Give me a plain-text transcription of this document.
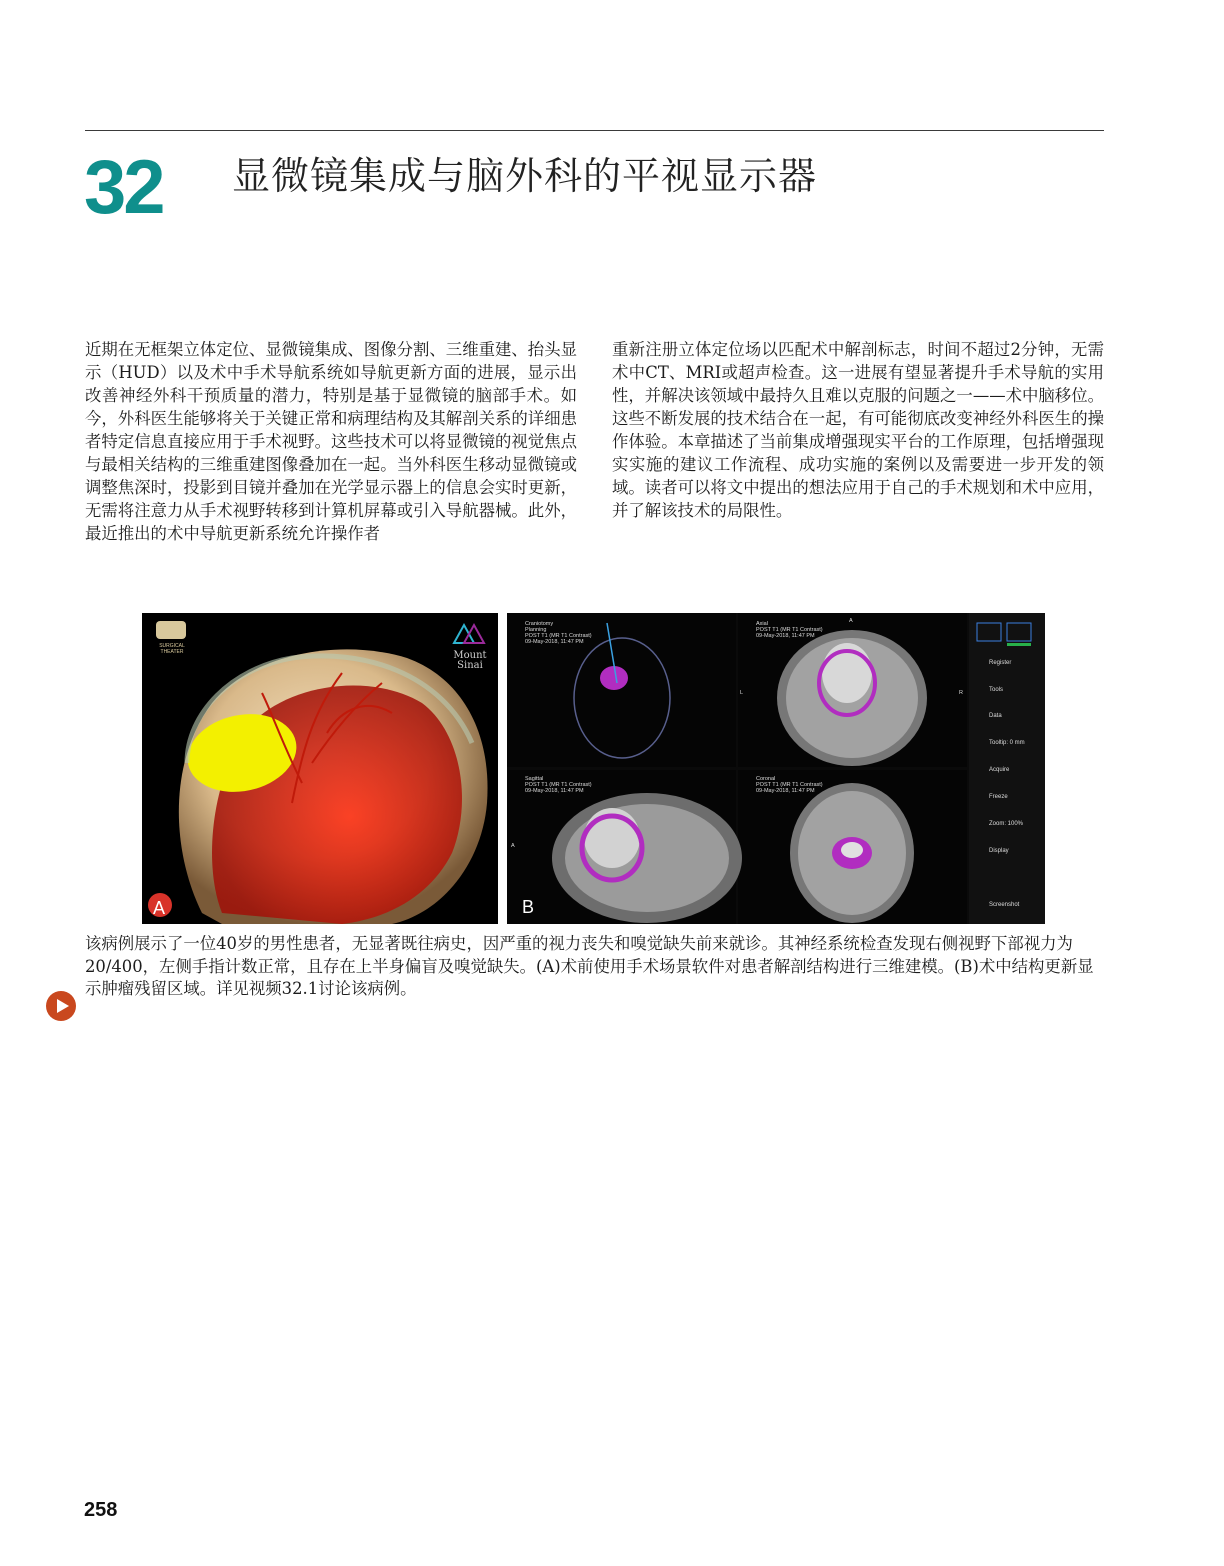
32 显微镜集成与脑外科的平视显示器
近期在无框架立体定位、显微镜集成、图像分割、三维重建、抬头显示（HUD）以及术中手术导航系统如导航更新方面的进展，显示出改善神经外科干预质量的潜力，特别是基于显微镜的脑部手术。如今，外科医生能够将关于关键正常和病理结构及其解剖关系的详细患者特定信息直接应用于手术视野。这些技术可以将显微镜的视觉焦点与最相关结构的三维重建图像叠加在一起。当外科医生移动显微镜或调整焦深时，投影到目镜并叠加在光学显示器上的信息会实时更新，无需将注意力从手术视野转移到计算机屏幕或引入导航器械。此外，最近推出的术中导航更新系统允许操作者
重新注册立体定位场以匹配术中解剖标志，时间不超过2分钟，无需术中CT、MRI或超声检查。这一进展有望显著提升手术导航的实用性，并解决该领域中最持久且难以克服的问题之一——术中脑移位。这些不断发展的技术结合在一起，有可能彻底改变神经外科医生的操作体验。本章描述了当前集成增强现实平台的工作原理，包括增强现实实施的建议工作流程、成功实施的案例以及需要进一步开发的领域。读者可以将文中提出的想法应用于自己的手术规划和术中应用，并了解该技术的局限性。
SURGICAL
THEATER	Mount
Sinai
A
Craniotomy
Planning
POST T1 (MR T1 Contrast)
09-May-2018, 11:47 PM
Axial
POST T1 (MR T1 Contrast)
09-May-2018, 11:47 PM
Sagittal
POST T1 (MR T1 Contrast)
09-May-2018, 11:47 PM
Coronal
POST T1 (MR T1 Contrast)
09-May-2018, 11:47 PM
A
L	R
A
Register
Tools
Data
Tooltip: 0 mm
Acquire
Freeze
Zoom: 100%
Display
Screenshot
B
该病例展示了一位40岁的男性患者，无显著既往病史，因严重的视力丧失和嗅觉缺失前来就诊。其神经系统检查发现右侧视野下部视力为20/400，左侧手指计数正常，且存在上半身偏盲及嗅觉缺失。(A)术前使用手术场景软件对患者解剖结构进行三维建模。(B)术中结构更新显示肿瘤残留区域。详见视频32.1讨论该病例。
258
